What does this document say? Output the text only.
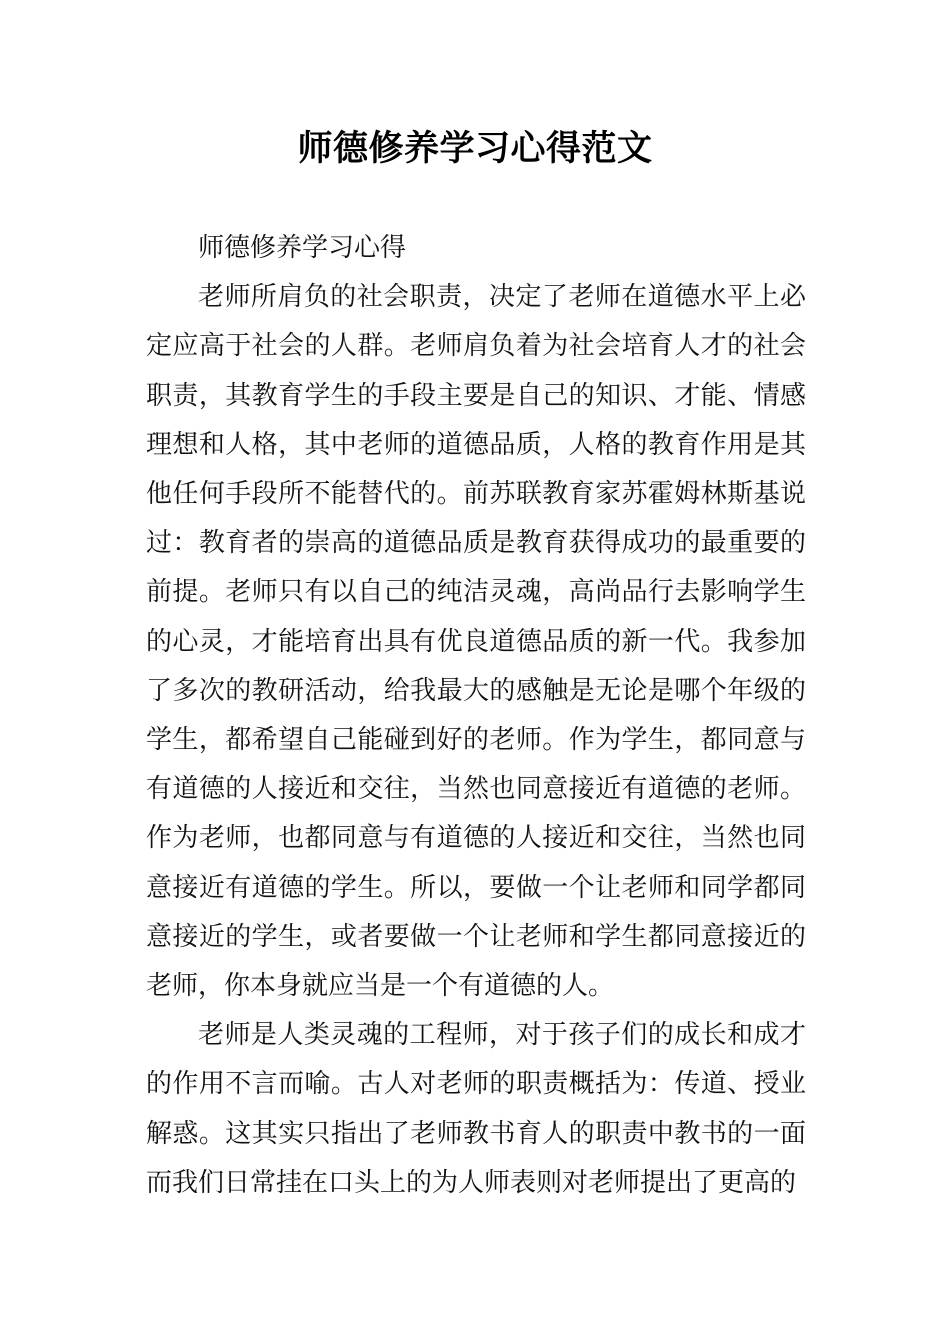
师德修养学习心得范文

师德修养学习心得

老师所肩负的社会职责，决定了老师在道德水平上必定应高于社会的人群。老师肩负着为社会培育人才的社会职责，其教育学生的手段主要是自己的知识、才能、情感理想和人格，其中老师的道德品质，人格的教育作用是其他任何手段所不能替代的。前苏联教育家苏霍姆林斯基说过：教育者的崇高的道德品质是教育获得成功的最重要的前提。老师只有以自己的纯洁灵魂，高尚品行去影响学生的心灵，才能培育出具有优良道德品质的新一代。我参加了多次的教研活动，给我最大的感触是无论是哪个年级的学生，都希望自己能碰到好的老师。作为学生，都同意与有道德的人接近和交往，当然也同意接近有道德的老师。作为老师，也都同意与有道德的人接近和交往，当然也同意接近有道德的学生。所以，要做一个让老师和同学都同意接近的学生，或者要做一个让老师和学生都同意接近的老师，你本身就应当是一个有道德的人。

老师是人类灵魂的工程师，对于孩子们的成长和成才的作用不言而喻。古人对老师的职责概括为：传道、授业解惑。这其实只指出了老师教书育人的职责中教书的一面而我们日常挂在口头上的为人师表则对老师提出了更高的
